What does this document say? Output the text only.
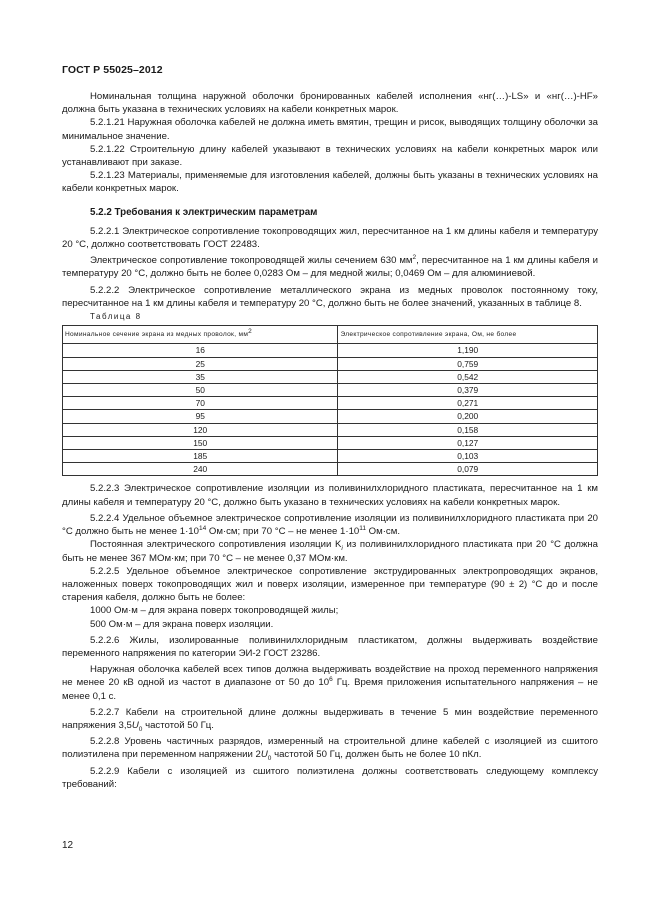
ГОСТ Р 55025–2012

Номинальная толщина наружной оболочки бронированных кабелей исполнения «нг(…)-LS» и «нг(…)-HF» должна быть указана в технических условиях на кабели конкретных марок.

5.2.1.21 Наружная оболочка кабелей не должна иметь вмятин, трещин и рисок, выводящих толщину оболочки за минимальное значение.

5.2.1.22 Строительную длину кабелей указывают в технических условиях на кабели конкретных марок или устанавливают при заказе.

5.2.1.23 Материалы, применяемые для изготовления кабелей, должны быть указаны в технических условиях на кабели конкретных марок.

5.2.2 Требования к электрическим параметрам

5.2.2.1 Электрическое сопротивление токопроводящих жил, пересчитанное на 1 км длины кабеля и температуру 20 °С, должно соответствовать ГОСТ 22483.

Электрическое сопротивление токопроводящей жилы сечением 630 $мм^2$, пересчитанное на 1 км длины кабеля и температуру 20 °С, должно быть не более 0,0283 Ом – для медной жилы; 0,0469 Ом – для алюминиевой.

5.2.2.2 Электрическое сопротивление металлического экрана из медных проволок постоянному току, пересчитанное на 1 км длины кабеля и температуру 20 °С, должно быть не более значений, указанных в таблице 8.

Таблица 8

Номинальное сечение экрана из медных проволок, мм2	Электрическое сопротивление экрана, Ом, не более
16	1,190
25	0,759
35	0,542
50	0,379
70	0,271
95	0,200
120	0,158
150	0,127
185	0,103
240	0,079

5.2.2.3 Электрическое сопротивление изоляции из поливинилхлоридного пластиката, пересчитанное на 1 км длины кабеля и температуру 20 °С, должно быть указано в технических условиях на кабели конкретных марок.

5.2.2.4 Удельное объемное электрическое сопротивление изоляции из поливинилхлоридного пластиката при 20 °С должно быть не менее $1\cdot 10^{14}$ Ом·см; при 70 °С – не менее $1\cdot 10^{11}$ Ом·см.

Постоянная электрического сопротивления изоляции $K_i$ из поливинилхлоридного пластиката при 20 °С должна быть не менее 367 МОм·км; при 70 °С – не менее 0,37 МОм·км.

5.2.2.5 Удельное объемное электрическое сопротивление экструдированных электропроводящих экранов, наложенных поверх токопроводящих жил и поверх изоляции, измеренное при температуре (90 ± 2) °С до и после старения кабеля, должно быть не более:

1000 Ом·м – для экрана поверх токопроводящей жилы;

500 Ом·м – для экрана поверх изоляции.

5.2.2.6 Жилы, изолированные поливинилхлоридным пластикатом, должны выдерживать воздействие переменного напряжения по категории ЭИ-2 ГОСТ 23286.

Наружная оболочка кабелей всех типов должна выдерживать воздействие на проход переменного напряжения не менее 20 кВ одной из частот в диапазоне от 50 до $10^6$ Гц. Время приложения испытательного напряжения – не менее 0,1 с.

5.2.2.7 Кабели на строительной длине должны выдерживать в течение 5 мин воздействие переменного напряжения $3,5U_0$ частотой 50 Гц.

5.2.2.8 Уровень частичных разрядов, измеренный на строительной длине кабелей с изоляцией из сшитого полиэтилена при переменном напряжении $2U_0$ частотой 50 Гц, должен быть не более 10 пКл.

5.2.2.9 Кабели с изоляцией из сшитого полиэтилена должны соответствовать следующему комплексу требований:

12
